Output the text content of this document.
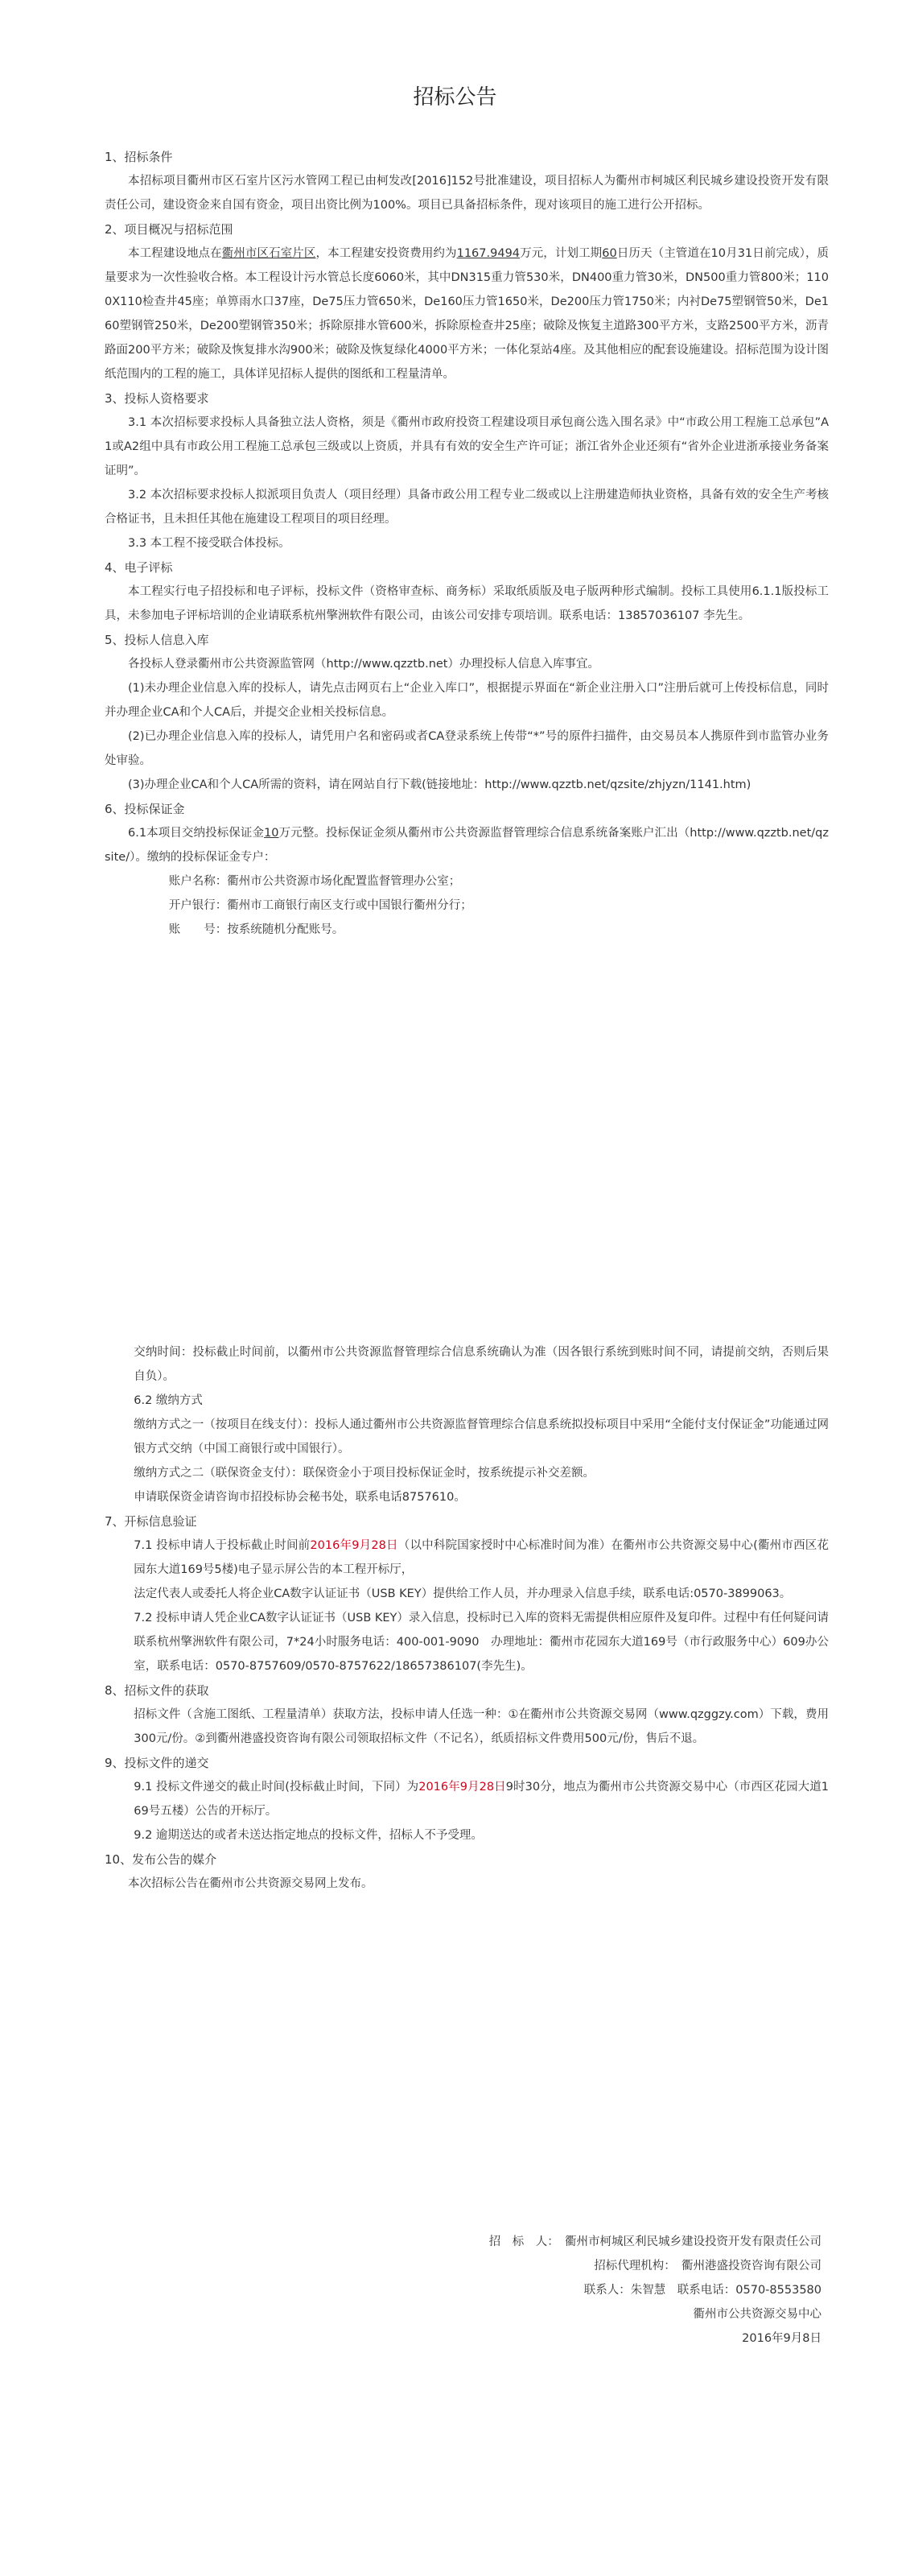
招标公告

1、招标条件

本招标项目衢州市区石室片区污水管网工程已由柯发改[2016]152号批准建设，项目招标人为衢州市柯城区利民城乡建设投资开发有限责任公司，建设资金来自国有资金，项目出资比例为100%。项目已具备招标条件，现对该项目的施工进行公开招标。

2、项目概况与招标范围

本工程建设地点在衢州市区石室片区，本工程建安投资费用约为1167.9494万元，计划工期60日历天（主管道在10月31日前完成），质量要求为一次性验收合格。本工程设计污水管总长度6060米，其中DN315重力管530米，DN400重力管30米，DN500重力管800米；1100X110检查井45座；单箅雨水口37座，De75压力管650米，De160压力管1650米，De200压力管1750米；内衬De75塑钢管50米，De160塑钢管250米，De200塑钢管350米；拆除原排水管600米，拆除原检查井25座；破除及恢复主道路300平方米，支路2500平方米，沥青路面200平方米；破除及恢复排水沟900米；破除及恢复绿化4000平方米；一体化泵站4座。及其他相应的配套设施建设。招标范围为设计图纸范围内的工程的施工，具体详见招标人提供的图纸和工程量清单。

3、投标人资格要求

3.1 本次招标要求投标人具备独立法人资格，须是《衢州市政府投资工程建设项目承包商公选入围名录》中“市政公用工程施工总承包”A1或A2组中具有市政公用工程施工总承包三级或以上资质，并具有有效的安全生产许可证；浙江省外企业还须有“省外企业进浙承接业务备案证明”。

3.2 本次招标要求投标人拟派项目负责人（项目经理）具备市政公用工程专业二级或以上注册建造师执业资格，具备有效的安全生产考核合格证书，且未担任其他在施建设工程项目的项目经理。

3.3 本工程不接受联合体投标。

4、电子评标

本工程实行电子招投标和电子评标，投标文件（资格审查标、商务标）采取纸质版及电子版两种形式编制。投标工具使用6.1.1版投标工具，未参加电子评标培训的企业请联系杭州擎洲软件有限公司，由该公司安排专项培训。联系电话：13857036107 李先生。

5、投标人信息入库

各投标人登录衢州市公共资源监管网（http://www.qzztb.net）办理投标人信息入库事宜。

(1)未办理企业信息入库的投标人，请先点击网页右上“企业入库口”，根据提示界面在“新企业注册入口”注册后就可上传投标信息，同时并办理企业CA和个人CA后，并提交企业相关投标信息。

(2)已办理企业信息入库的投标人，请凭用户名和密码或者CA登录系统上传带“*”号的原件扫描件，由交易员本人携原件到市监管办业务处审验。

(3)办理企业CA和个人CA所需的资料，请在网站自行下载(链接地址：http://www.qzztb.net/qzsite/zhjyzn/1141.htm)

6、投标保证金

6.1本项目交纳投标保证金10万元整。投标保证金须从衢州市公共资源监督管理综合信息系统备案账户汇出（http://www.qzztb.net/qzsite/）。缴纳的投标保证金专户：

账户名称：衢州市公共资源市场化配置监督管理办公室；

开户银行：衢州市工商银行南区支行或中国银行衢州分行；

账　　号：按系统随机分配账号。

交纳时间：投标截止时间前，以衢州市公共资源监督管理综合信息系统确认为准（因各银行系统到账时间不同，请提前交纳，否则后果自负）。

6.2 缴纳方式

缴纳方式之一（按项目在线支付）：投标人通过衢州市公共资源监督管理综合信息系统拟投标项目中采用“全能付支付保证金”功能通过网银方式交纳（中国工商银行或中国银行）。

缴纳方式之二（联保资金支付）：联保资金小于项目投标保证金时，按系统提示补交差额。

申请联保资金请咨询市招投标协会秘书处，联系电话8757610。

7、开标信息验证

7.1 投标申请人于投标截止时间前2016年9月28日（以中科院国家授时中心标准时间为准）在衢州市公共资源交易中心(衢州市西区花园东大道169号5楼)电子显示屏公告的本工程开标厅，

法定代表人或委托人将企业CA数字认证证书（USB KEY）提供给工作人员，并办理录入信息手续，联系电话:0570-3899063。

7.2 投标申请人凭企业CA数字认证证书（USB KEY）录入信息，投标时已入库的资料无需提供相应原件及复印件。过程中有任何疑问请联系杭州擎洲软件有限公司，7*24小时服务电话：400-001-9090　办理地址：衢州市花园东大道169号（市行政服务中心）609办公室，联系电话：0570-8757609/0570-8757622/18657386107(李先生)。

8、招标文件的获取

招标文件（含施工图纸、工程量清单）获取方法，投标申请人任选一种：①在衢州市公共资源交易网（www.qzggzy.com）下载，费用300元/份。②到衢州港盛投资咨询有限公司领取招标文件（不记名），纸质招标文件费用500元/份，售后不退。

9、投标文件的递交

9.1 投标文件递交的截止时间(投标截止时间，下同）为2016年9月28日9时30分，地点为衢州市公共资源交易中心（市西区花园大道169号五楼）公告的开标厅。

9.2 逾期送达的或者未送达指定地点的投标文件，招标人不予受理。

10、发布公告的媒介

本次招标公告在衢州市公共资源交易网上发布。

招　标　人：　衢州市柯城区利民城乡建设投资开发有限责任公司

招标代理机构：　衢州港盛投资咨询有限公司

联系人：朱智慧　联系电话：0570-8553580

衢州市公共资源交易中心

2016年9月8日
